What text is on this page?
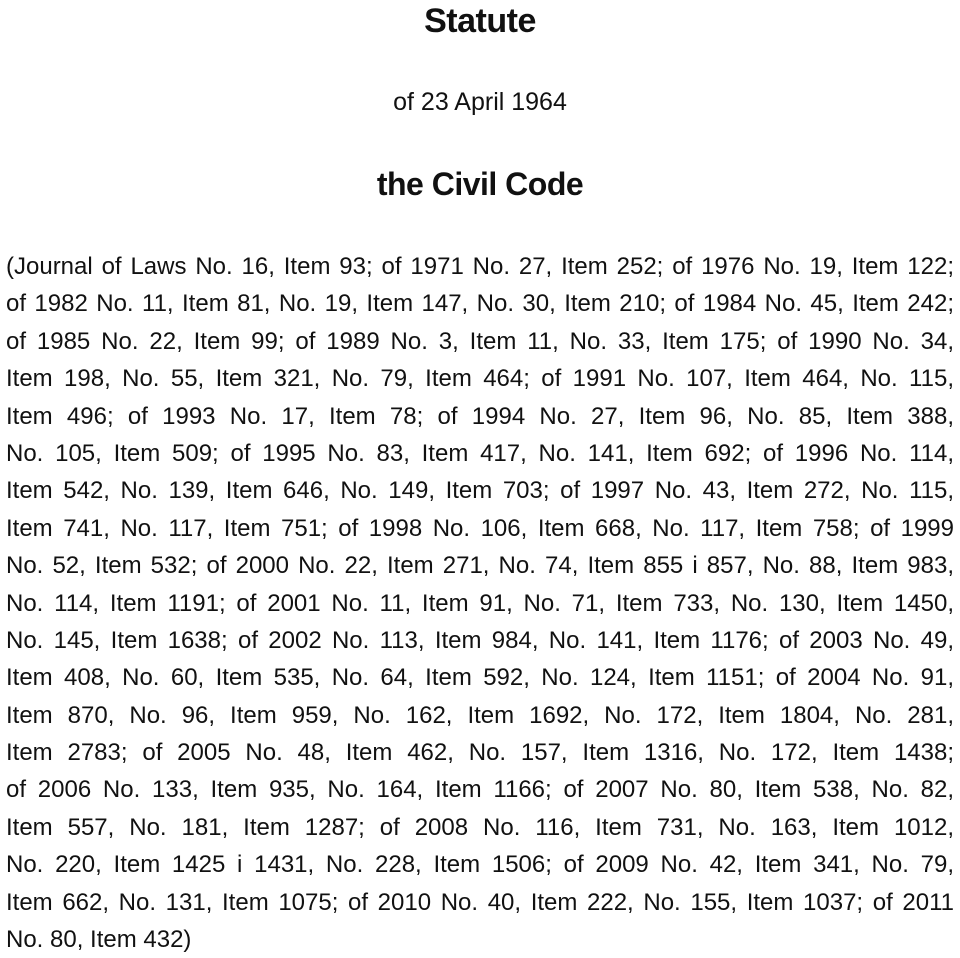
Statute
of 23 April 1964
the Civil Code
(Journal of Laws No. 16, Item 93; of 1971 No. 27, Item 252; of 1976 No. 19, Item 122;
of 1982 No. 11, Item 81, No. 19, Item 147, No. 30, Item 210; of 1984 No. 45, Item 242;
of 1985 No. 22, Item 99; of 1989 No. 3, Item 11, No. 33, Item 175; of 1990 No. 34,
Item 198, No. 55, Item 321, No. 79, Item 464; of 1991 No. 107, Item 464, No. 115,
Item 496; of 1993 No. 17, Item 78; of 1994 No. 27, Item 96, No. 85, Item 388,
No. 105, Item 509; of 1995 No. 83, Item 417, No. 141, Item 692; of 1996 No. 114,
Item 542, No. 139, Item 646, No. 149, Item 703; of 1997 No. 43, Item 272, No. 115,
Item 741, No. 117, Item 751; of 1998 No. 106, Item 668, No. 117, Item 758; of 1999
No. 52, Item 532; of 2000 No. 22, Item 271, No. 74, Item 855 i 857, No. 88, Item 983,
No. 114, Item 1191; of 2001 No. 11, Item 91, No. 71, Item 733, No. 130, Item 1450,
No. 145, Item 1638; of 2002 No. 113, Item 984, No. 141, Item 1176; of 2003 No. 49,
Item 408, No. 60, Item 535, No. 64, Item 592, No. 124, Item 1151; of 2004 No. 91,
Item 870, No. 96, Item 959, No. 162, Item 1692, No. 172, Item 1804, No. 281,
Item 2783; of 2005 No. 48, Item 462, No. 157, Item 1316, No. 172, Item 1438;
of 2006 No. 133, Item 935, No. 164, Item 1166; of 2007 No. 80, Item 538, No. 82,
Item 557, No. 181, Item 1287; of 2008 No. 116, Item 731, No. 163, Item 1012,
No. 220, Item 1425 i 1431, No. 228, Item 1506; of 2009 No. 42, Item 341, No. 79,
Item 662, No. 131, Item 1075; of 2010 No. 40, Item 222, No. 155, Item 1037; of 2011
No. 80, Item 432)
